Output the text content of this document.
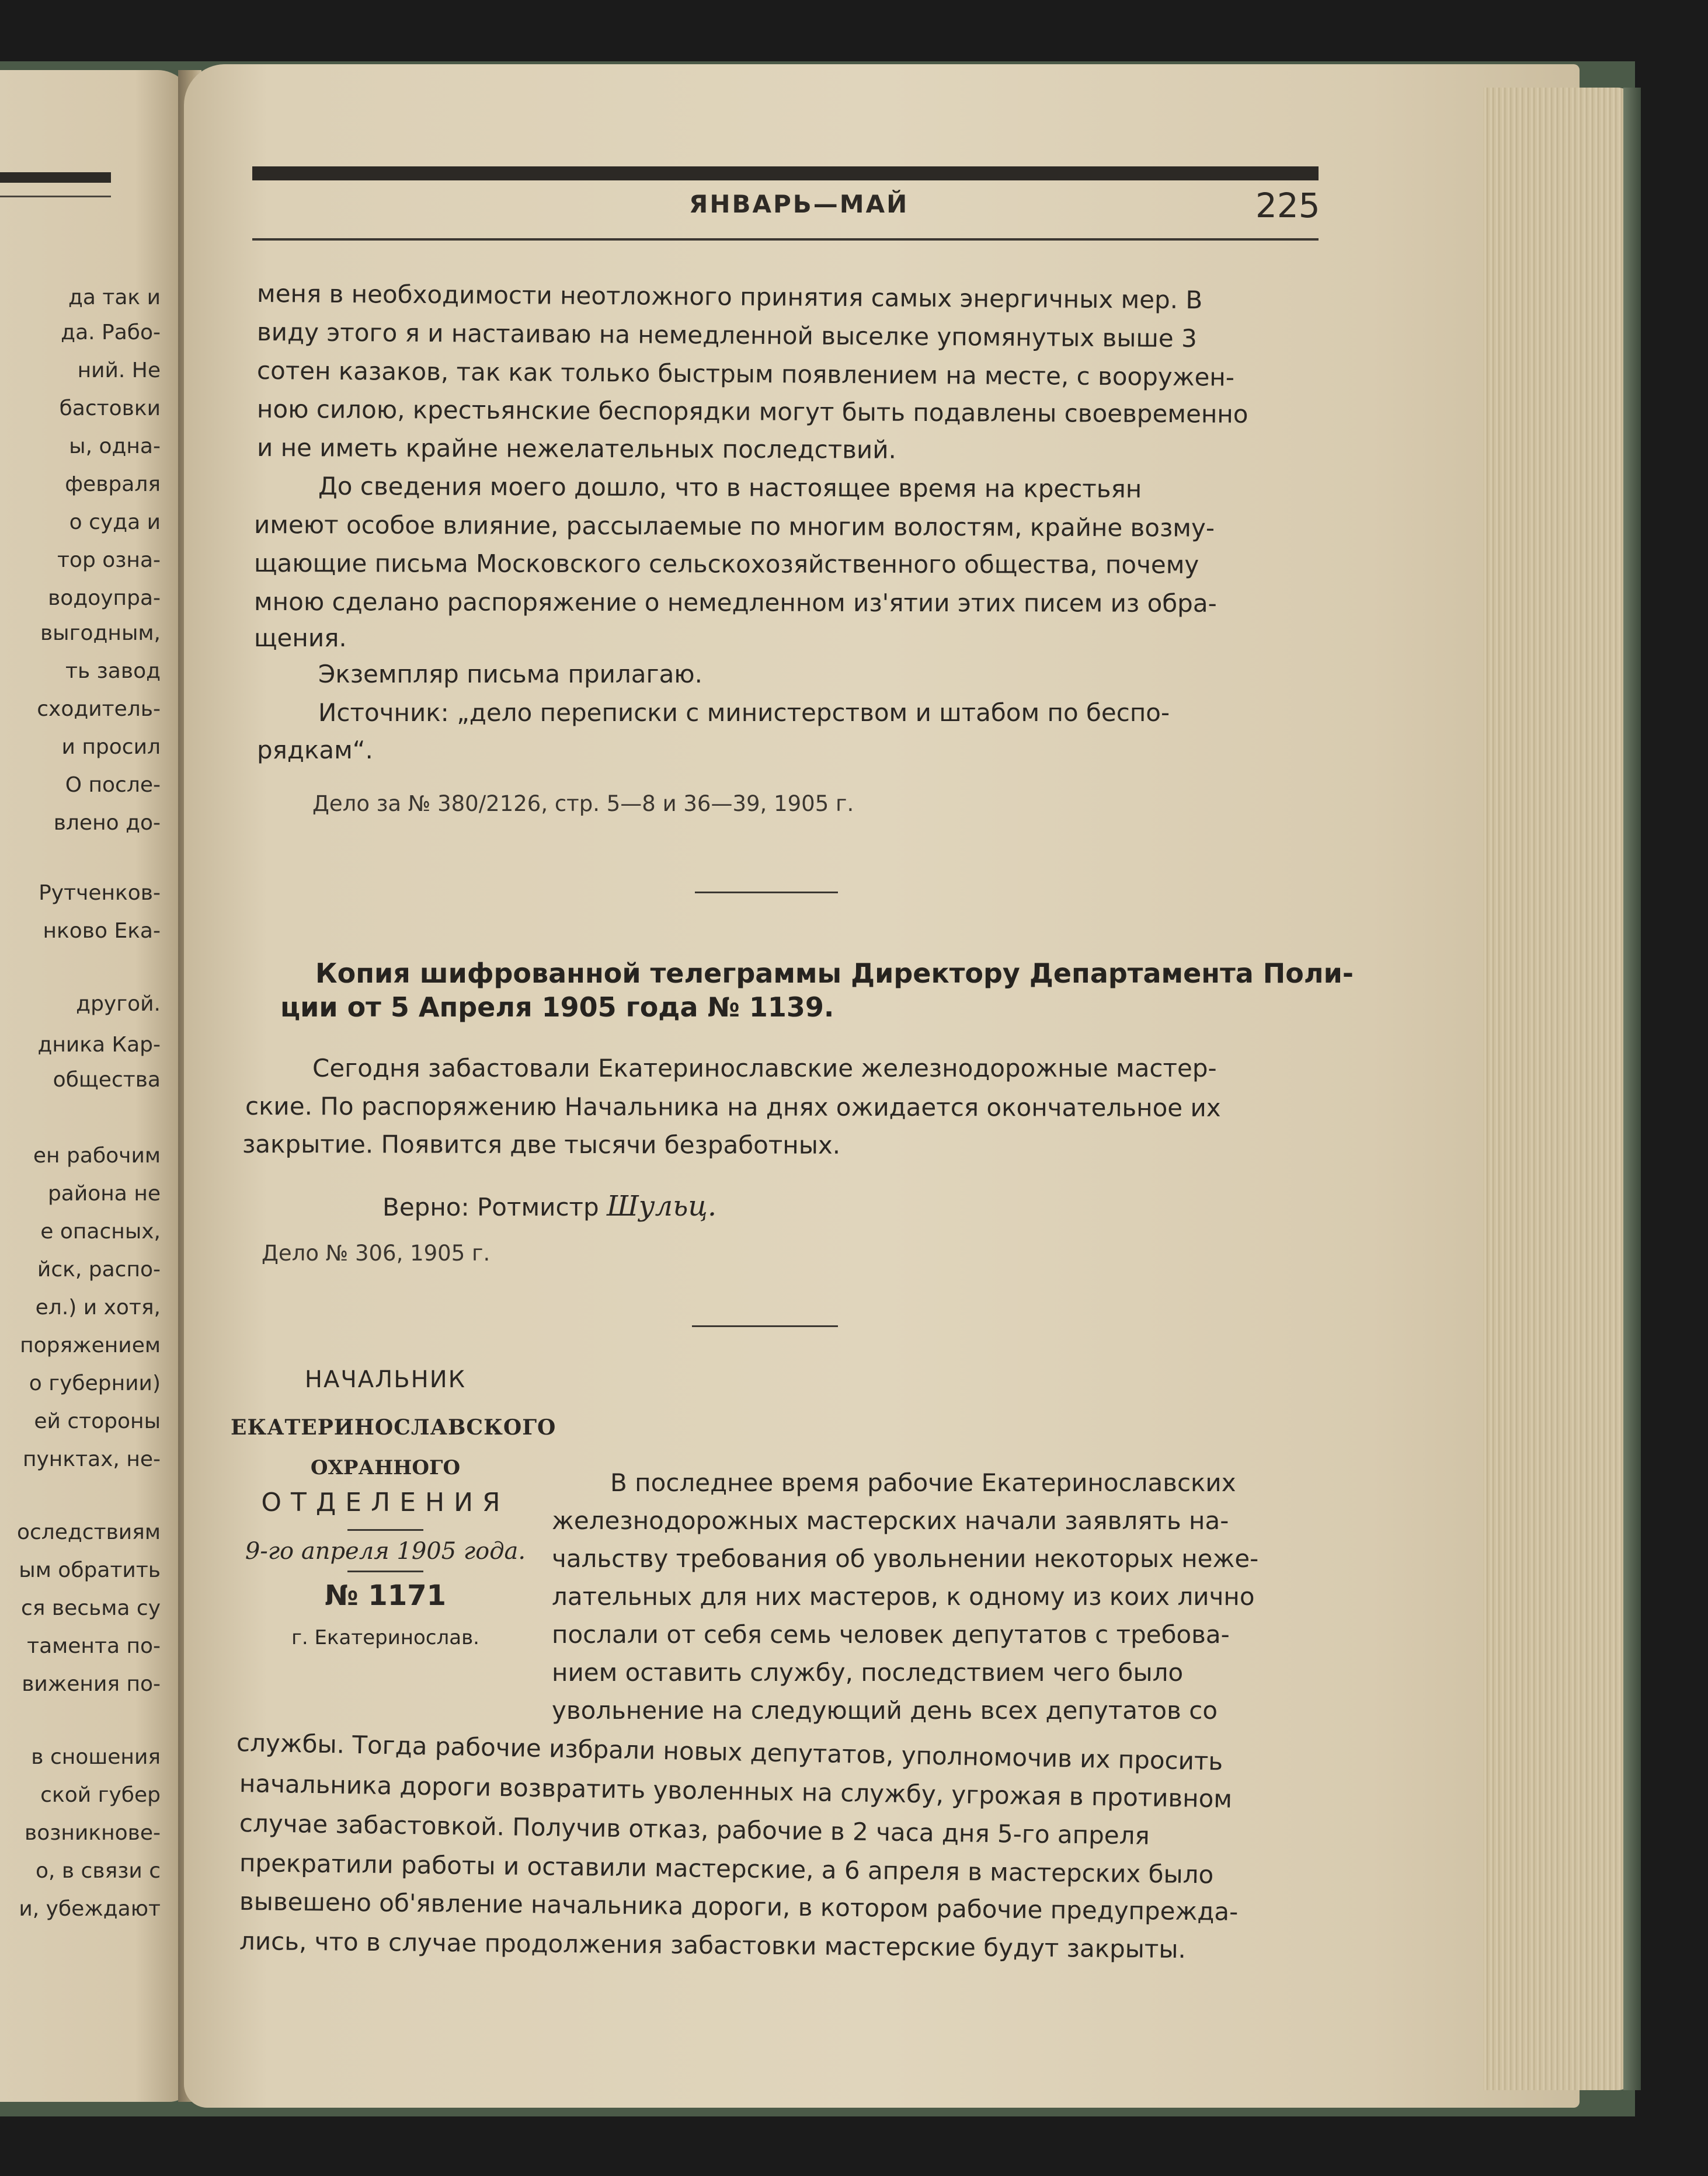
да так и
да. Рабо-
ний. Не
бастовки
ы, одна-
февраля
о суда и
тор озна-
водоупра-
выгодным,
ть завод
сходитель-
и просил
О после-
влено до-
Рутченков-
нково Ека-
другой.
дника Кар-
общества
ен рабочим
района не
е опасных,
йск, распо-
ел.) и хотя,
поряжением
о губернии)
ей стороны
пунктах, не-
оследствиям
ым обратить
ся весьма су
тамента по-
вижения по-
в сношения
ской губер
возникнове-
о, в связи с
и, убеждают
ЯНВАРЬ—МАЙ	225
меня в необходимости неотложного принятия самых энергичных мер. В
виду этого я и настаиваю на немедленной выселке упомянутых выше 3
сотен казаков, так как только быстрым появлением на месте, с вооружен-
ною силою, крестьянские беспорядки могут быть подавлены своевременно
и не иметь крайне нежелательных последствий.
До сведения моего дошло, что в настоящее время на крестьян
имеют особое влияние, рассылаемые по многим волостям, крайне возму-
щающие письма Московского сельскохозяйственного общества, почему
мною сделано распоряжение о немедленном из'ятии этих писем из обра-
щения.
Экземпляр письма прилагаю.
Источник: „дело переписки с министерством и штабом по беспо-
рядкам“.
Дело за № 380/2126, стр. 5—8 и 36—39, 1905 г.
Копия шифрованной телеграммы Директору Департамента Поли-
ции от 5 Апреля 1905 года № 1139.
Сегодня забастовали Екатеринославские железнодорожные мастер-
ские. По распоряжению Начальника на днях ожидается окончательное их
закрытие. Появится две тысячи безработных.
Верно: Ротмистр Шульц.
Дело № 306, 1905 г.
НАЧАЛЬНИК
ЕКАТЕРИНОСЛАВСКОГО
ОХРАННОГО
ОТДЕЛЕНИЯ
9-го апреля 1905 года.
№ 1171
г. Екатеринослав.
В последнее время рабочие Екатеринославских
железнодорожных мастерских начали заявлять на-
чальству требования об увольнении некоторых неже-
лательных для них мастеров, к одному из коих лично
послали от себя семь человек депутатов с требова-
нием оставить службу, последствием чего было
увольнение на следующий день всех депутатов со
службы. Тогда рабочие избрали новых депутатов, уполномочив их просить
начальника дороги возвратить уволенных на службу, угрожая в противном
случае забастовкой. Получив отказ, рабочие в 2 часа дня 5-го апреля
прекратили работы и оставили мастерские, а 6 апреля в мастерских было
вывешено об'явление начальника дороги, в котором рабочие предупрежда-
лись, что в случае продолжения забастовки мастерские будут закрыты.
